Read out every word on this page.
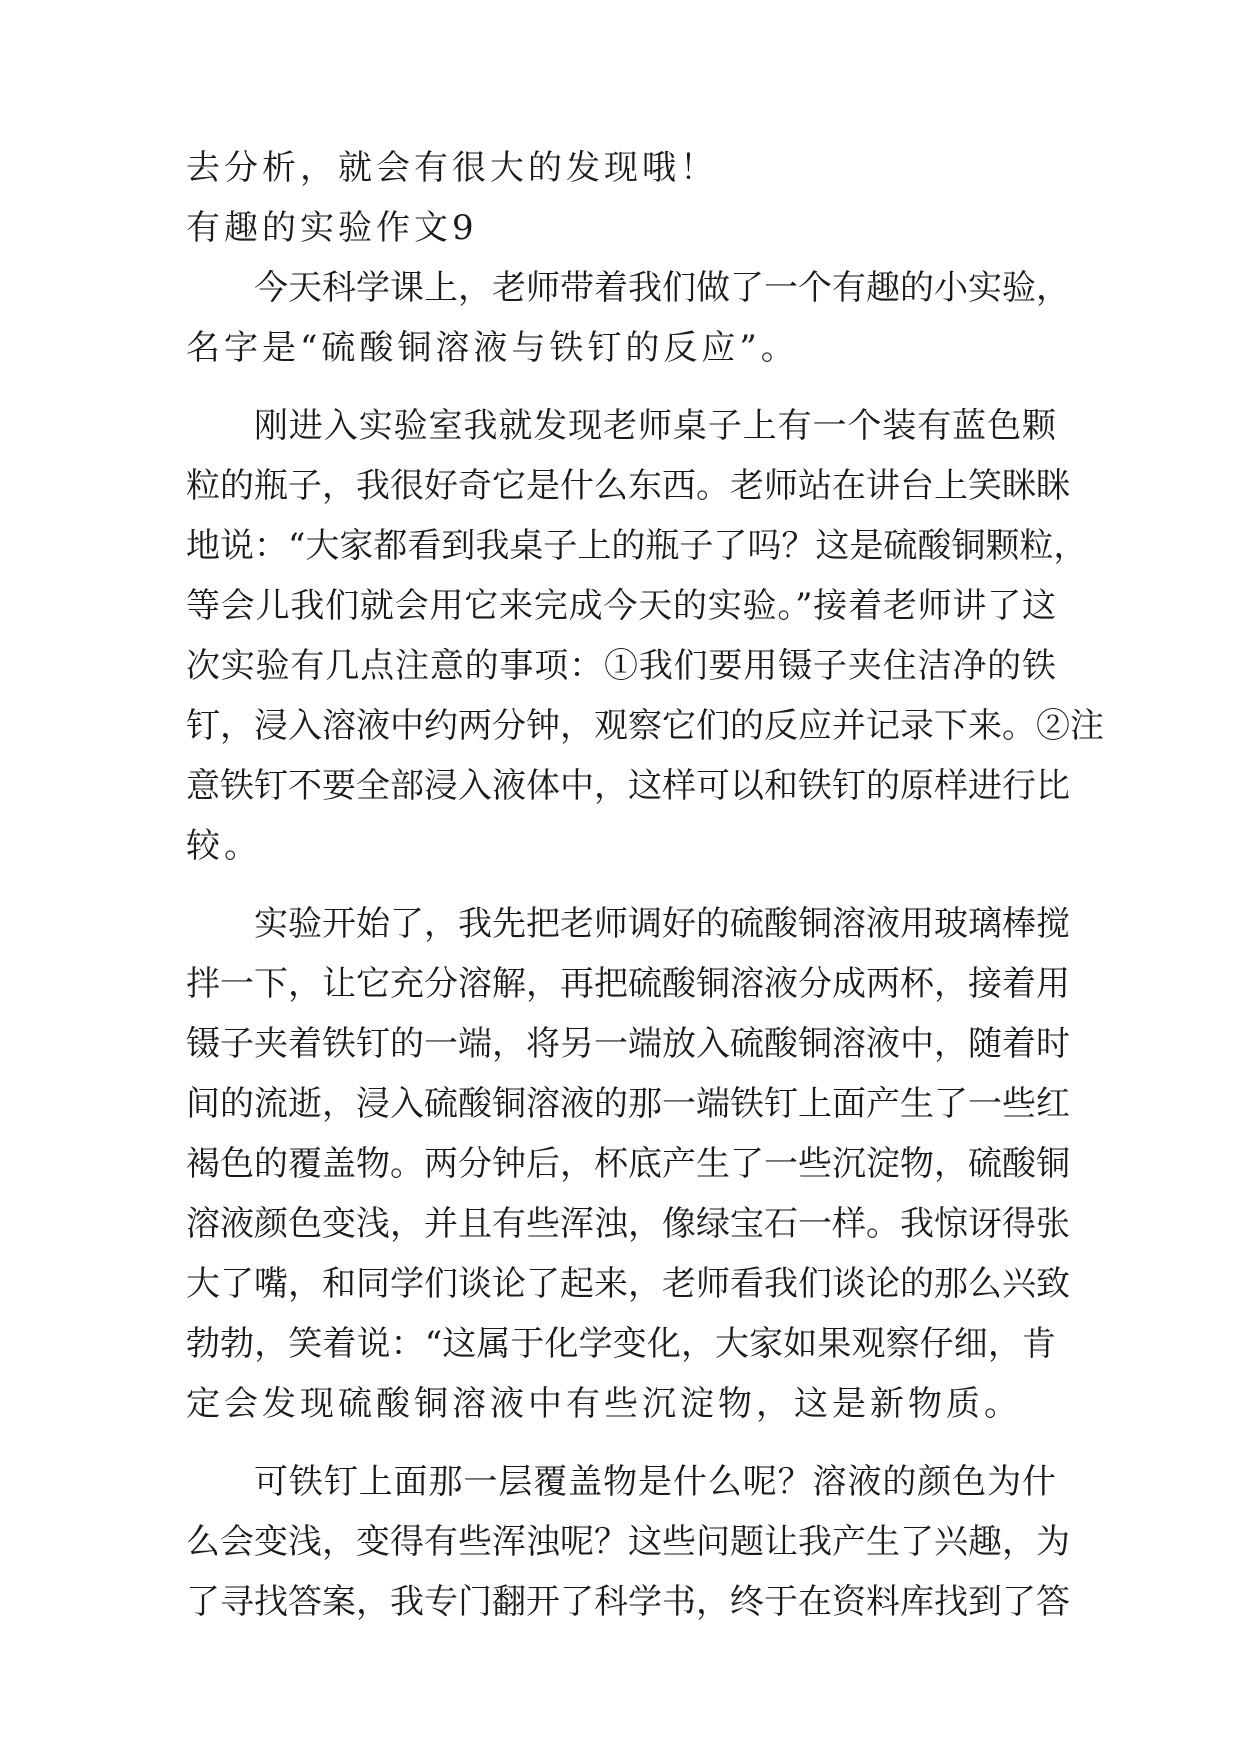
去分析，就会有很大的发现哦！
有趣的实验作文9
今天科学课上，老师带着我们做了一个有趣的小实验，
名字是“硫酸铜溶液与铁钉的反应”。
刚进入实验室我就发现老师桌子上有一个装有蓝色颗
粒的瓶子，我很好奇它是什么东西。老师站在讲台上笑眯眯
地说：“大家都看到我桌子上的瓶子了吗？这是硫酸铜颗粒，
等会儿我们就会用它来完成今天的实验。”接着老师讲了这
次实验有几点注意的事项：①我们要用镊子夹住洁净的铁
钉，浸入溶液中约两分钟，观察它们的反应并记录下来。②注
意铁钉不要全部浸入液体中，这样可以和铁钉的原样进行比
较。
实验开始了，我先把老师调好的硫酸铜溶液用玻璃棒搅
拌一下，让它充分溶解，再把硫酸铜溶液分成两杯，接着用
镊子夹着铁钉的一端，将另一端放入硫酸铜溶液中，随着时
间的流逝，浸入硫酸铜溶液的那一端铁钉上面产生了一些红
褐色的覆盖物。两分钟后，杯底产生了一些沉淀物，硫酸铜
溶液颜色变浅，并且有些浑浊，像绿宝石一样。我惊讶得张
大了嘴，和同学们谈论了起来，老师看我们谈论的那么兴致
勃勃，笑着说：“这属于化学变化，大家如果观察仔细，肯
定会发现硫酸铜溶液中有些沉淀物，这是新物质。
可铁钉上面那一层覆盖物是什么呢？溶液的颜色为什
么会变浅，变得有些浑浊呢？这些问题让我产生了兴趣，为
了寻找答案，我专门翻开了科学书，终于在资料库找到了答
